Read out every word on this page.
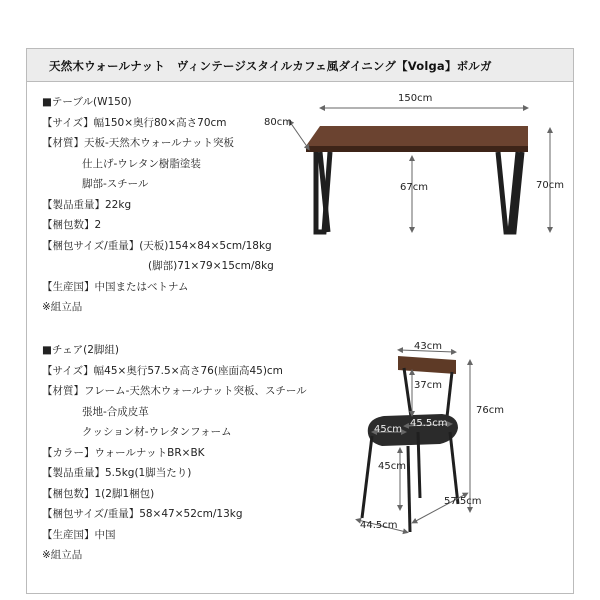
天然木ウォールナット　ヴィンテージスタイルカフェ風ダイニング【Volga】ボルガ
■テーブル(W150)
【サイズ】幅150×奥行80×高さ70cm
【材質】天板-天然木ウォールナット突板
仕上げ-ウレタン樹脂塗装
脚部-スチール
【製品重量】22kg
【梱包数】2
【梱包サイズ/重量】(天板)154×84×5cm/18kg
(脚部)71×79×15cm/8kg
【生産国】中国またはベトナム
※組立品
■チェア(2脚組)
【サイズ】幅45×奥行57.5×高さ76(座面高45)cm
【材質】フレーム-天然木ウォールナット突板、スチール
張地-合成皮革
クッション材-ウレタンフォーム
【カラー】ウォールナットBR×BK
【製品重量】5.5kg(1脚当たり)
【梱包数】1(2脚1梱包)
【梱包サイズ/重量】58×47×52cm/13kg
【生産国】中国
※組立品
150cm
80cm
67cm	70cm
43cm
37cm
76cm
45cm
45.5cm
45cm
57.5cm
44.5cm
